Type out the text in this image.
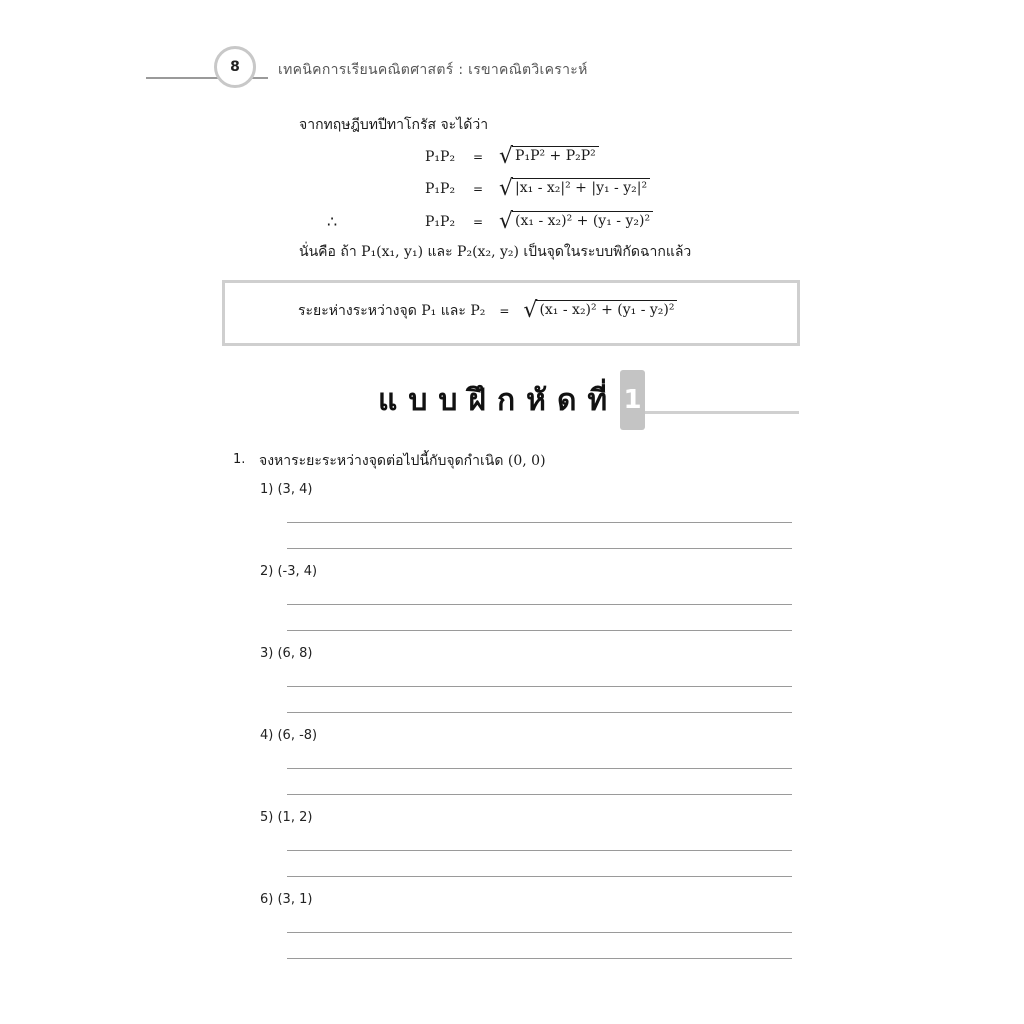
8	เทคนิคการเรียนคณิตศาสตร์ : เรขาคณิตวิเคราะห์
จากทฤษฎีบทปีทาโกรัส จะได้ว่า
P₁P₂	= √ P₁P² + P₂P²
P₁P₂	= √ |x₁ - x₂|² + |y₁ - y₂|²
∴	P₁P₂	= √ (x₁ - x₂)² + (y₁ - y₂)²
นั่นคือ ถ้า P₁(x₁, y₁) และ P₂(x₂, y₂) เป็นจุดในระบบพิกัดฉากแล้ว
ระยะห่างระหว่างจุด P₁ และ P₂ = √ (x₁ - x₂)² + (y₁ - y₂)²
แบบฝึกหัดที่ 1
1. จงหาระยะระหว่างจุดต่อไปนี้กับจุดกำเนิด (0, 0)
1) (3, 4)
2) (-3, 4)
3) (6, 8)
4) (6, -8)
5) (1, 2)
6) (3, 1)
